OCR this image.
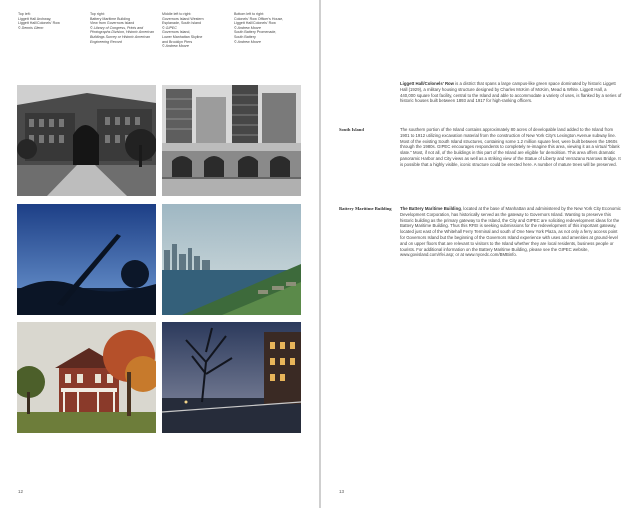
Top left:
Liggett Hall Archway,
Liggett Hall/Colonels' Row
© Dennis Glenn
Top right:
Battery Maritime Building
View from Governors Island
© Library of Congress, Prints and
Photographs Division, Historic American
Buildings Survey or Historic American
Engineering Record
Middle left to right:
Governors Island Western
Esplanade, South Island
© GIPEC
Governors Island,
Lower Manhattan Skyline
and Brooklyn Piers
© Andrew Moore
Bottom left to right:
Colonels' Row Officer's House,
Liggett Hall/Colonels' Row
© Andrew Moore
South Battery Promenade,
South Battery
© Andrew Moore
12

Liggett Hall/Colonels' Row is a district that spans a large campus-like green space dominated by historic Liggett Hall (1929), a military housing structure designed by Charles McKim of McKim, Mead & White. Liggett Hall, a 440,000 square foot facility, central to the Island and able to accommodate a variety of uses, is flanked by a series of historic houses built between 1893 and 1917 for high-ranking officers.

South Island	The southern portion of the Island contains approximately 80 acres of developable land added to the Island from 1901 to 1912 utilizing excavation material from the construction of New York City's Lexington Avenue subway line. Most of the existing South Island structures, containing some 1.2 million square feet, were built between the 1960s through the 1980s. GIPEC encourages respondents to completely re-imagine this area, viewing it as a virtual "blank slate." Most, if not all, of the buildings in this part of the Island are eligible for demolition. This area offers dramatic panoramic Harbor and City views as well as a striking view of the Statue of Liberty and Verrazano Narrows Bridge. It is possible that a highly visible, iconic structure could be erected here. A number of mature trees will be preserved.

Battery Maritime Building	The Battery Maritime Building, located at the base of Manhattan and administered by the New York City Economic Development Corporation, has historically served as the gateway to Governors Island. Wanting to preserve this historic building as the primary gateway to the Island, the City and GIPEC are soliciting redevelopment ideas for the Battery Maritime Building. Thus this RFEI is seeking submissions for the redevelopment of this important gateway, located just east of the Whitehall Ferry Terminal and south of One New York Plaza, as not only a ferry access point for Governors Island but the beginning of the Governors Island experience with uses and amenities at ground-level and on upper floors that are relevant to visitors to the Island whether they are local residents, business people or tourists. For additional information on the Battery Maritime Building, please see the GIPEC website, www.govisland.com/rfei.asp; or at www.nycedc.com/BMBinfo.

13
